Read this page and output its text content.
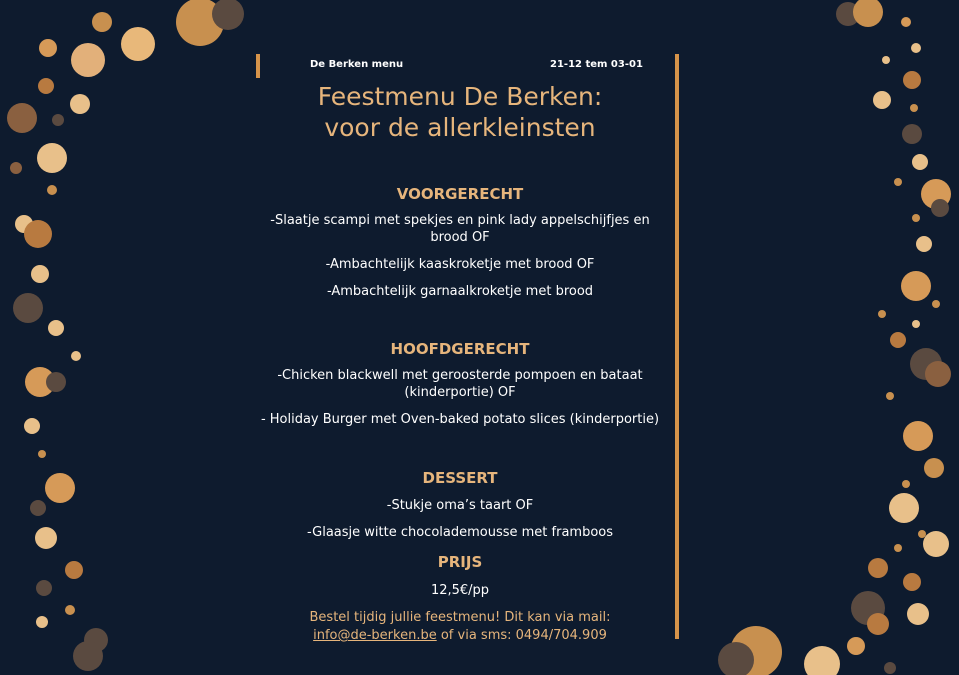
De Berken menu	21-12 tem 03-01
Feestmenu De Berken:
voor de allerkleinsten

VOORGERECHT

-Slaatje scampi met spekjes en pink lady appelschijfjes en brood OF

-Ambachtelijk kaaskroketje met brood OF

-Ambachtelijk garnaalkroketje met brood

HOOFDGERECHT

-Chicken blackwell met geroosterde pompoen en bataat (kinderportie) OF

- Holiday Burger met Oven-baked potato slices (kinderportie)

DESSERT

-Stukje oma’s taart OF

-Glaasje witte chocolademousse met framboos

PRIJS

12,5€/pp

Bestel tijdig jullie feestmenu! Dit kan via mail: info@de-berken.be of via sms: 0494/704.909
